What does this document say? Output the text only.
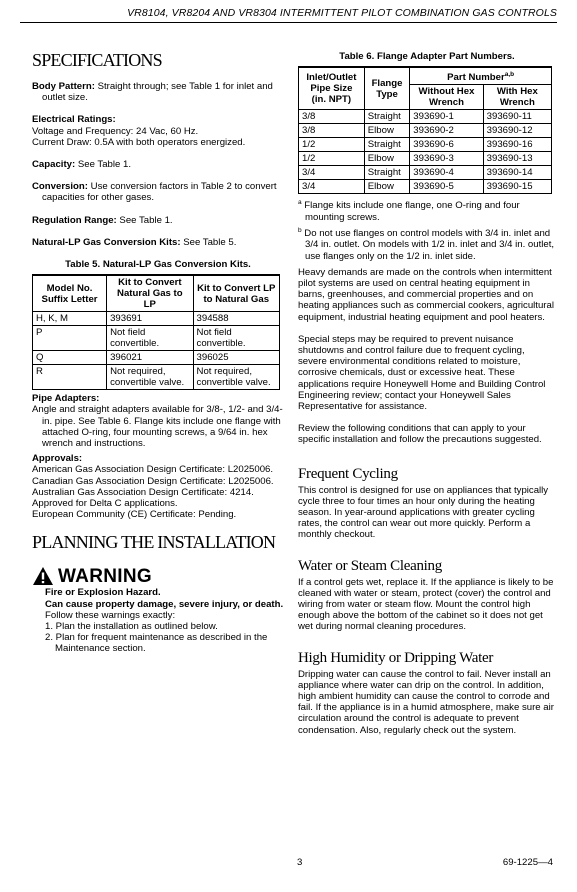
VR8104, VR8204 AND VR8304 INTERMITTENT PILOT COMBINATION GAS CONTROLS
SPECIFICATIONS

Body Pattern: Straight through; see Table 1 for inlet and outlet size.

Electrical Ratings:
Voltage and Frequency: 24 Vac, 60 Hz.
Current Draw: 0.5A with both operators energized.

Capacity: See Table 1.

Conversion: Use conversion factors in Table 2 to convert capacities for other gases.

Regulation Range: See Table 1.

Natural-LP Gas Conversion Kits: See Table 5.

Table 5. Natural-LP Gas Conversion Kits.

Model No. Suffix Letter	Kit to Convert Natural Gas to LP	Kit to Convert LP to Natural Gas
H, K, M	393691	394588
P	Not field convertible.	Not field convertible.
Q	396021	396025
R	Not required, convertible valve.	Not required, convertible valve.
Pipe Adapters:
Angle and straight adapters available for 3/8-, 1/2- and 3/4-in. pipe. See Table 6. Flange kits include one flange with attached O-ring, four mounting screws, a 9/64 in. hex wrench and instructions.
Approvals:
American Gas Association Design Certificate: L2025006.
Canadian Gas Association Design Certificate: L2025006.
Australian Gas Association Design Certificate: 4214.
Approved for Delta C applications.
European Community (CE) Certificate: Pending.
PLANNING THE INSTALLATION
WARNING
Fire or Explosion Hazard.
Can cause property damage, severe injury, or death.
Follow these warnings exactly:
1. Plan the installation as outlined below.
2. Plan for frequent maintenance as described in the Maintenance section.

Table 6. Flange Adapter Part Numbers.

Inlet/Outlet Pipe Size (in. NPT)	Flange Type	Part Number$^{a,b}$
		Without Hex Wrench	With Hex Wrench
3/8	Straight	393690-1	393690-11
3/8	Elbow	393690-2	393690-12
1/2	Straight	393690-6	393690-16
1/2	Elbow	393690-3	393690-13
3/4	Straight	393690-4	393690-14
3/4	Elbow	393690-5	393690-15
$^a$ Flange kits include one flange, one O-ring and four mounting screws.
$^b$ Do not use flanges on control models with 3/4 in. inlet and 3/4 in. outlet. On models with 1/2 in. inlet and 3/4 in. outlet, use flanges only on the 1/2 in. inlet side.

Heavy demands are made on the controls when intermittent pilot systems are used on central heating equipment in barns, greenhouses, and commercial properties and on heating appliances such as commercial cookers, agricultural equipment, industrial heating equipment and pool heaters.

Special steps may be required to prevent nuisance shutdowns and control failure due to frequent cycling, severe environmental conditions related to moisture, corrosive chemicals, dust or excessive heat. These applications require Honeywell Home and Building Control Engineering review; contact your Honeywell Sales Representative for assistance.

Review the following conditions that can apply to your specific installation and follow the precautions suggested.

Frequent Cycling

This control is designed for use on appliances that typically cycle three to four times an hour only during the heating season. In year-around applications with greater cycling rates, the control can wear out more quickly. Perform a monthly checkout.

Water or Steam Cleaning

If a control gets wet, replace it. If the appliance is likely to be cleaned with water or steam, protect (cover) the control and wiring from water or steam flow. Mount the control high enough above the bottom of the cabinet so it does not get wet during normal cleaning procedures.

High Humidity or Dripping Water

Dripping water can cause the control to fail. Never install an appliance where water can drip on the control. In addition, high ambient humidity can cause the control to corrode and fail. If the appliance is in a humid atmosphere, make sure air circulation around the control is adequate to prevent condensation. Also, regularly check out the system.

3	69-1225—4
